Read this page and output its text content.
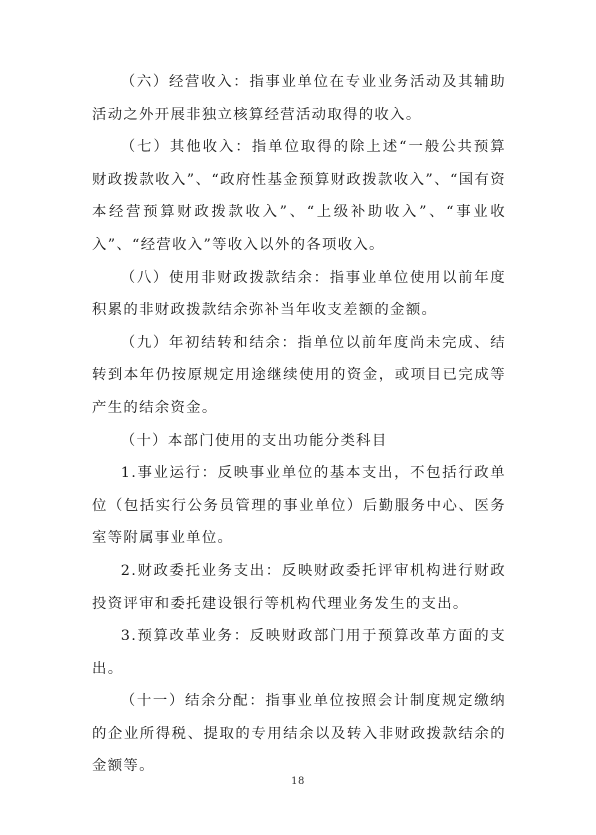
（六）经营收入：指事业单位在专业业务活动及其辅助活动之外开展非独立核算经营活动取得的收入。

（七）其他收入：指单位取得的除上述“一般公共预算财政拨款收入”、“政府性基金预算财政拨款收入”、“国有资本经营预算财政拨款收入”、“上级补助收入”、“事业收入”、“经营收入”等收入以外的各项收入。

（八）使用非财政拨款结余：指事业单位使用以前年度积累的非财政拨款结余弥补当年收支差额的金额。

（九）年初结转和结余：指单位以前年度尚未完成、结转到本年仍按原规定用途继续使用的资金，或项目已完成等产生的结余资金。

（十）本部门使用的支出功能分类科目

1.事业运行：反映事业单位的基本支出，不包括行政单位（包括实行公务员管理的事业单位）后勤服务中心、医务室等附属事业单位。

2.财政委托业务支出：反映财政委托评审机构进行财政投资评审和委托建设银行等机构代理业务发生的支出。

3.预算改革业务：反映财政部门用于预算改革方面的支出。

（十一）结余分配：指事业单位按照会计制度规定缴纳的企业所得税、提取的专用结余以及转入非财政拨款结余的金额等。

18
